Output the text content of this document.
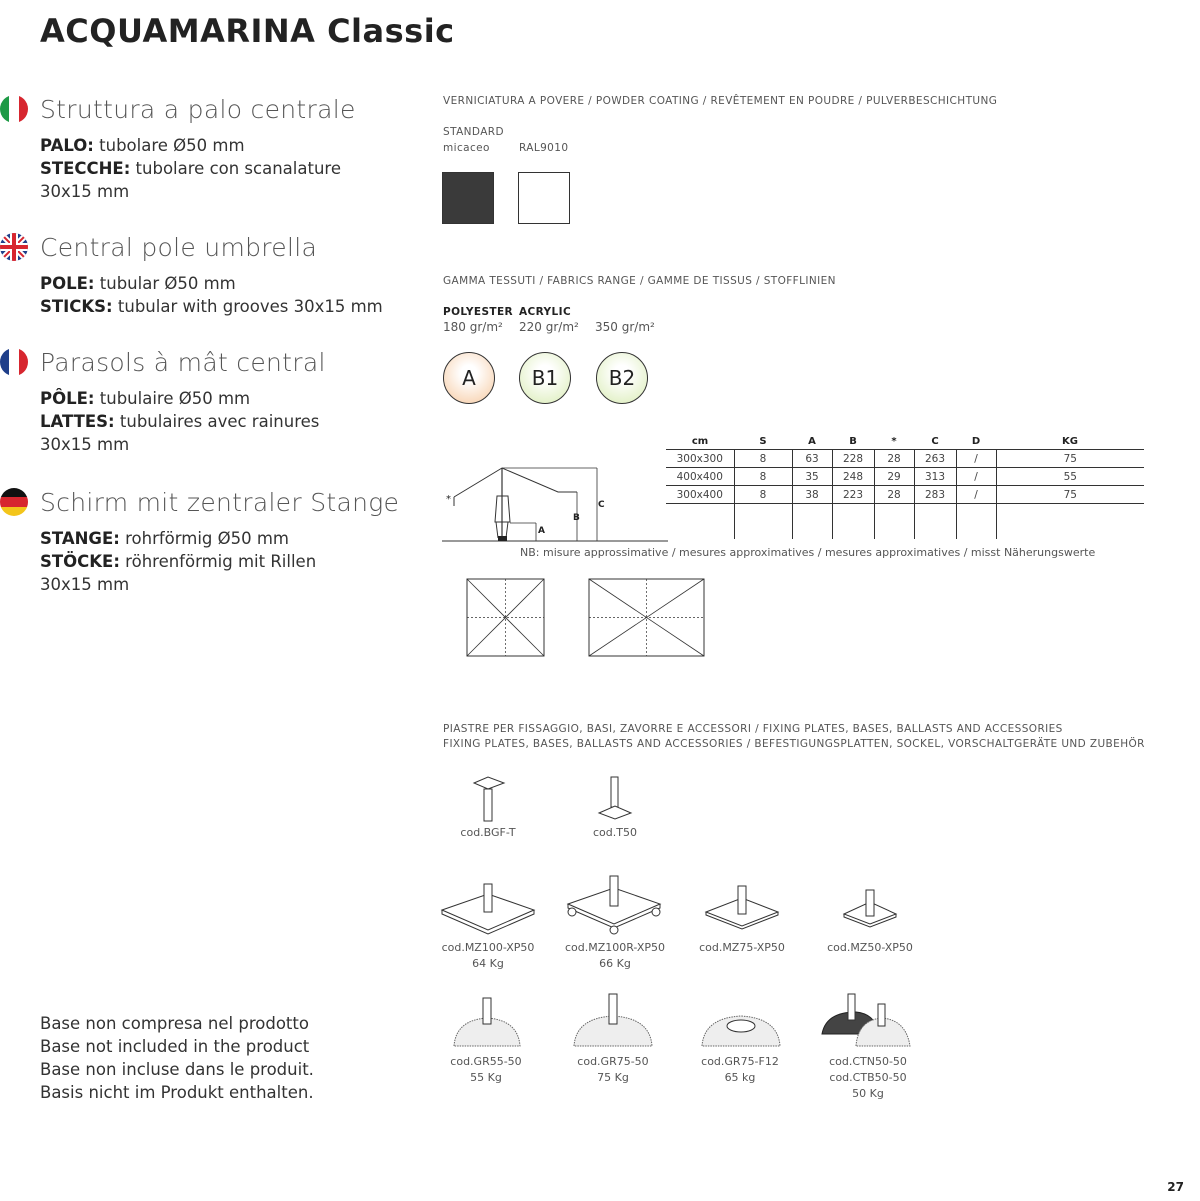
ACQUAMARINA Classic
Struttura a palo centrale
PALO: tubolare Ø50 mm
STECCHE: tubolare con scanalature
30x15 mm
Central pole umbrella
POLE: tubular Ø50 mm
STICKS: tubular with grooves 30x15 mm
Parasols à mât central
PÔLE: tubulaire Ø50 mm
LATTES: tubulaires avec rainures
30x15 mm
Schirm mit zentraler Stange
STANGE: rohrförmig Ø50 mm
STÖCKE: röhrenförmig mit Rillen
30x15 mm
VERNICIATURA A POVERE / POWDER COATING / REVÊTEMENT EN POUDRE / PULVERBESCHICHTUNG
STANDARD
micaceo	RAL9010
GAMMA TESSUTI / FABRICS RANGE / GAMME DE TISSUS / STOFFLINIEN
POLYESTER ACRYLIC
180 gr/m² 220 gr/m² 350 gr/m²
A	B1	B2
*
A
B
C
cm	S	A	B	*	C	D	KG
300x300	8	63	228	28	263	/	75
400x400	8	35	248	29	313	/	55
300x400	8	38	223	28	283	/	75

NB: misure approssimative / mesures approximatives / mesures approximatives / misst Näherungswerte
PIASTRE PER FISSAGGIO, BASI, ZAVORRE E ACCESSORI / FIXING PLATES, BASES, BALLASTS AND ACCESSORIES
FIXING PLATES, BASES, BALLASTS AND ACCESSORIES / BEFESTIGUNGSPLATTEN, SOCKEL, VORSCHALTGERÄTE UND ZUBEHÖR
cod.BGF-T	cod.T50
cod.MZ100-XP50
64 Kg
cod.MZ100R-XP50
66 Kg
cod.MZ75-XP50	cod.MZ50-XP50
cod.GR55-50
55 Kg
cod.GR75-50
75 Kg
cod.GR75-F12
65 kg
cod.CTN50-50
cod.CTB50-50
50 Kg
Base non compresa nel prodotto
Base not included in the product
Base non incluse dans le produit.
Basis nicht im Produkt enthalten.
27
